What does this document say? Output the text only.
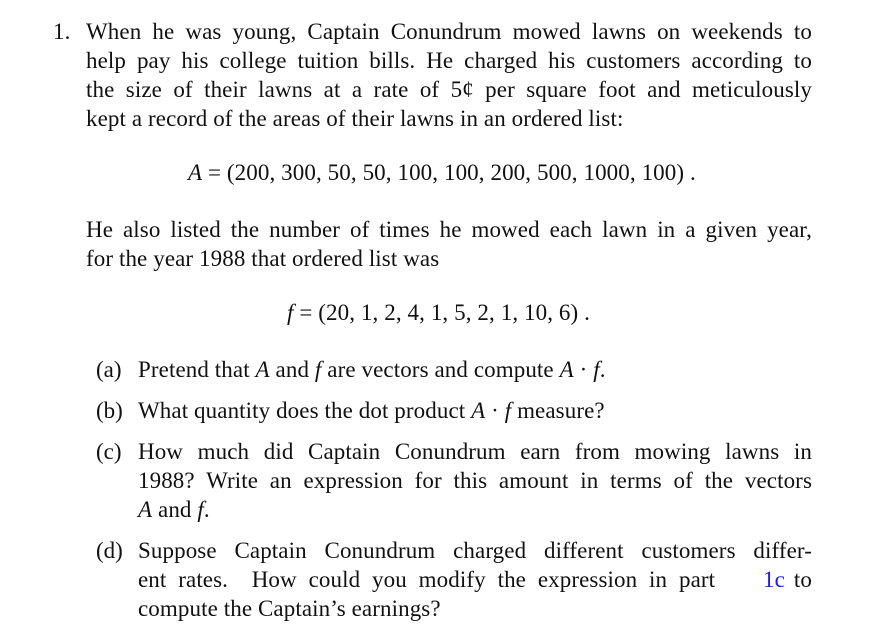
1. When he was young, Captain Conundrum mowed lawns on weekends to
help pay his college tuition bills. He charged his customers according to
the size of their lawns at a rate of 5¢ per square foot and meticulously
kept a record of the areas of their lawns in an ordered list:
A = (200, 300, 50, 50, 100, 100, 200, 500, 1000, 100) .
He also listed the number of times he mowed each lawn in a given year,
for the year 1988 that ordered list was
f = (20, 1, 2, 4, 1, 5, 2, 1, 10, 6) .
(a) Pretend that A and f are vectors and compute A · f.
(b) What quantity does the dot product A · f measure?
(c) How much did Captain Conundrum earn from mowing lawns in
1988? Write an expression for this amount in terms of the vectors
A and f.
(d) Suppose Captain Conundrum charged different customers differ-
ent rates.  How could you modify the expression in part 1c to
compute the Captain’s earnings?
